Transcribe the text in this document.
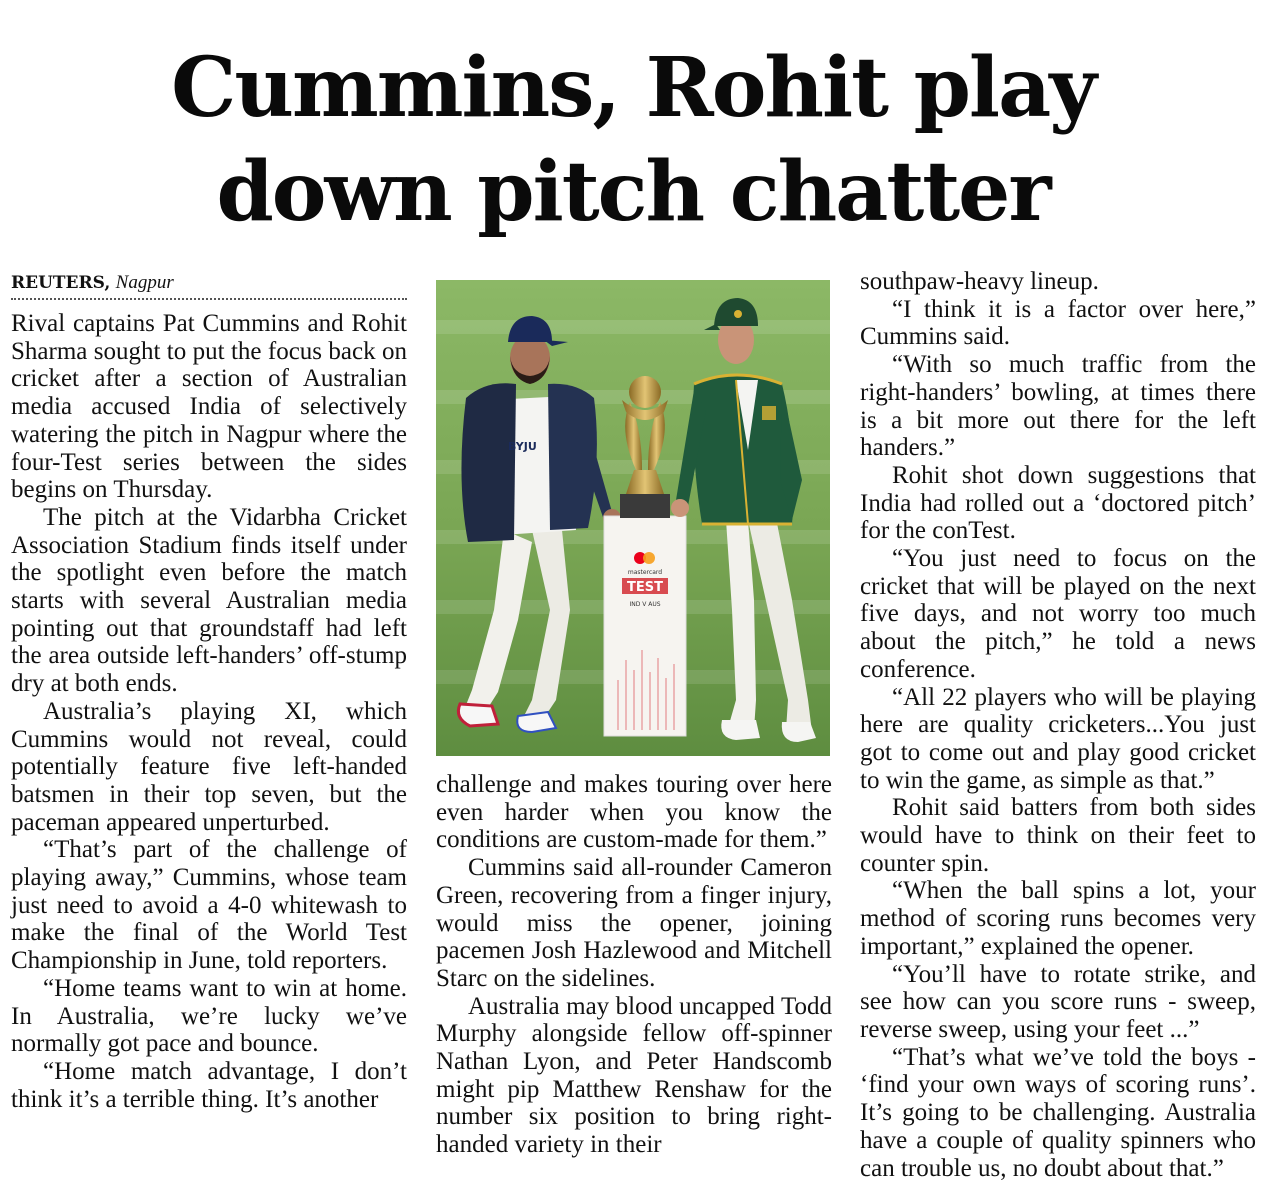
Cummins, Rohit play
down pitch chatter
REUTERS, Nagpur

Rival captains Pat Cummins and Rohit Sharma sought to put the focus back on cricket after a section of Australian media accused India of selectively watering the pitch in Nagpur where the four-Test series between the sides begins on Thursday.

The pitch at the Vidarbha Cricket Association Stadium finds itself under the spotlight even before the match starts with several Australian media pointing out that groundstaff had left the area outside left-handers’ off-stump dry at both ends.

Australia’s playing XI, which Cummins would not reveal, could potentially feature five left-handed batsmen in their top seven, but the paceman appeared unperturbed.

“That’s part of the challenge of playing away,” Cummins, whose team just need to avoid a 4-0 whitewash to make the final of the World Test Championship in June, told reporters.

“Home teams want to win at home. In Australia, we’re lucky we’ve normally got pace and bounce.

“Home match advantage, I don’t think it’s a terrible thing. It’s another

BYJU
mastercard
TEST
IND V AUS

challenge and makes touring over here even harder when you know the conditions are custom-made for them.”

Cummins said all-rounder Cameron Green, recovering from a finger injury, would miss the opener, joining pacemen Josh Hazlewood and Mitchell Starc on the sidelines.

Australia may blood uncapped Todd Murphy alongside fellow off-spinner Nathan Lyon, and Peter Handscomb might pip Matthew Renshaw for the number six position to bring right-handed variety in their

southpaw-heavy lineup.

“I think it is a factor over here,” Cummins said.

“With so much traffic from the right-handers’ bowling, at times there is a bit more out there for the left handers.”

Rohit shot down suggestions that India had rolled out a ‘doctored pitch’ for the conTest.

“You just need to focus on the cricket that will be played on the next five days, and not worry too much about the pitch,” he told a news conference.

“All 22 players who will be playing here are quality cricketers...You just got to come out and play good cricket to win the game, as simple as that.”

Rohit said batters from both sides would have to think on their feet to counter spin.

“When the ball spins a lot, your method of scoring runs becomes very important,” explained the opener.

“You’ll have to rotate strike, and see how can you score runs - sweep, reverse sweep, using your feet ...”

“That’s what we’ve told the boys - ‘find your own ways of scoring runs’. It’s going to be challenging. Australia have a couple of quality spinners who can trouble us, no doubt about that.”
